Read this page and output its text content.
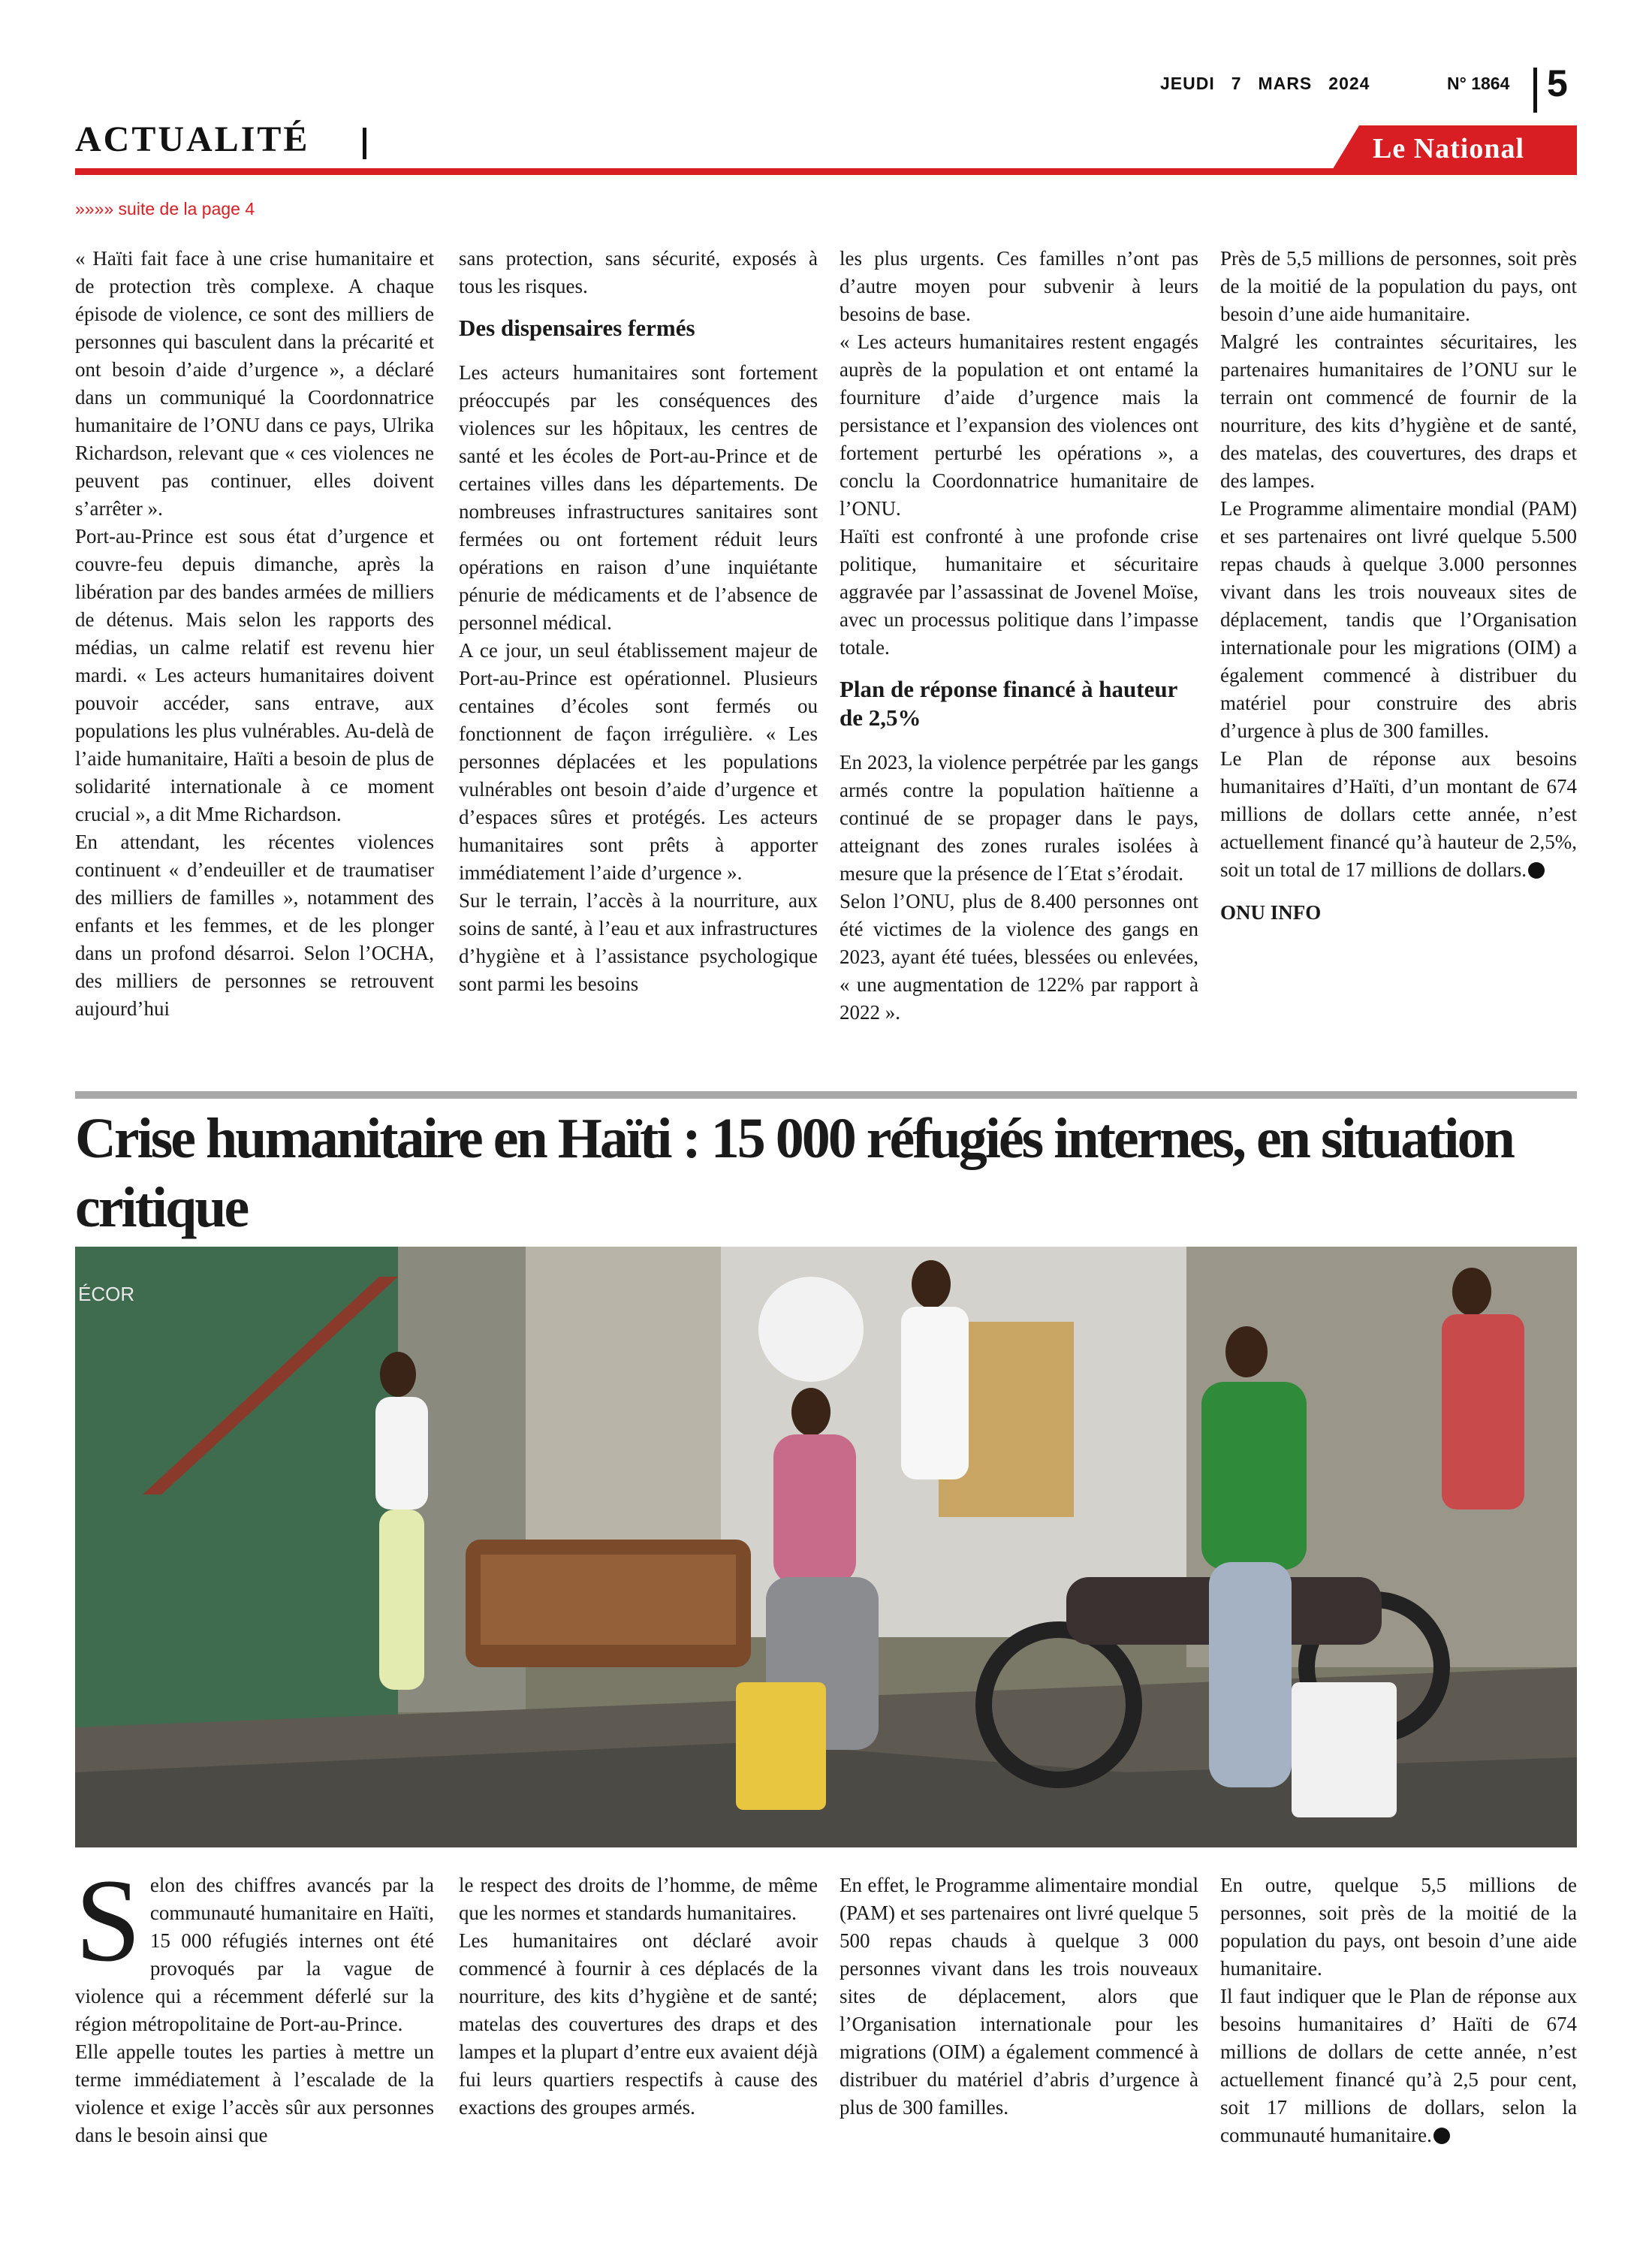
JEUDI 7 MARS 2024	N° 1864 5
ACTUALITÉ	Le National
»»»» suite de la page 4

« Haïti fait face à une crise humanitaire et de protection très complexe. A chaque épisode de violence, ce sont des milliers de personnes qui basculent dans la précarité et ont besoin d’aide d’urgence », a déclaré dans un communiqué la Coordonnatrice humanitaire de l’ONU dans ce pays, Ulrika Richardson, relevant que « ces violences ne peuvent pas continuer, elles doivent s’arrêter ».

Port-au-Prince est sous état d’urgence et couvre-feu depuis dimanche, après la libération par des bandes armées de milliers de détenus. Mais selon les rapports des médias, un calme relatif est revenu hier mardi. « Les acteurs humanitaires doivent pouvoir accéder, sans entrave, aux populations les plus vulnérables. Au-delà de l’aide humanitaire, Haïti a besoin de plus de solidarité internationale à ce moment crucial », a dit Mme Richardson.

En attendant, les récentes violences continuent « d’endeuiller et de traumatiser des milliers de familles », notamment des enfants et les femmes, et de les plonger dans un profond désarroi. Selon l’OCHA, des milliers de personnes se retrouvent aujourd’hui

sans protection, sans sécurité, exposés à tous les risques.

Des dispensaires fermés

Les acteurs humanitaires sont fortement préoccupés par les conséquences des violences sur les hôpitaux, les centres de santé et les écoles de Port-au-Prince et de certaines villes dans les départements. De nombreuses infrastructures sanitaires sont fermées ou ont fortement réduit leurs opérations en raison d’une inquiétante pénurie de médicaments et de l’absence de personnel médical.

A ce jour, un seul établissement majeur de Port-au-Prince est opérationnel. Plusieurs centaines d’écoles sont fermés ou fonctionnent de façon irrégulière. « Les personnes déplacées et les populations vulnérables ont besoin d’aide d’urgence et d’espaces sûres et protégés. Les acteurs humanitaires sont prêts à apporter immédiatement l’aide d’urgence ».

Sur le terrain, l’accès à la nourriture, aux soins de santé, à l’eau et aux infrastructures d’hygiène et à l’assistance psychologique sont parmi les besoins

les plus urgents. Ces familles n’ont pas d’autre moyen pour subvenir à leurs besoins de base.

« Les acteurs humanitaires restent engagés auprès de la population et ont entamé la fourniture d’aide d’urgence mais la persistance et l’expansion des violences ont fortement perturbé les opérations », a conclu la Coordonnatrice humanitaire de l’ONU.

Haïti est confronté à une profonde crise politique, humanitaire et sécuritaire aggravée par l’assassinat de Jovenel Moïse, avec un processus politique dans l’impasse totale.

Plan de réponse financé à hauteur de 2,5%

En 2023, la violence perpétrée par les gangs armés contre la population haïtienne a continué de se propager dans le pays, atteignant des zones rurales isolées à mesure que la présence de l´Etat s’érodait.

Selon l’ONU, plus de 8.400 personnes ont été victimes de la violence des gangs en 2023, ayant été tuées, blessées ou enlevées, « une augmentation de 122% par rapport à 2022 ».

Près de 5,5 millions de personnes, soit près de la moitié de la population du pays, ont besoin d’une aide humanitaire.

Malgré les contraintes sécuritaires, les partenaires humanitaires de l’ONU sur le terrain ont commencé de fournir de la nourriture, des kits d’hygiène et de santé, des matelas, des couvertures, des draps et des lampes.

Le Programme alimentaire mondial (PAM) et ses partenaires ont livré quelque 5.500 repas chauds à quelque 3.000 personnes vivant dans les trois nouveaux sites de déplacement, tandis que l’Organisation internationale pour les migrations (OIM) a également commencé à distribuer du matériel pour construire des abris d’urgence à plus de 300 familles.

Le Plan de réponse aux besoins humanitaires d’Haïti, d’un montant de 674 millions de dollars cette année, n’est actuellement financé qu’à hauteur de 2,5%, soit un total de 17 millions de dollars.

ONU INFO

Crise humanitaire en Haïti : 15 000 réfugiés internes, en situation critique
ÉCOR

Selon des chiffres avancés par la communauté humanitaire en Haïti, 15 000 réfugiés internes ont été provoqués par la vague de violence qui a récemment déferlé sur la région métropolitaine de Port-au-Prince.

Elle appelle toutes les parties à mettre un terme immédiatement à l’escalade de la violence et exige l’accès sûr aux personnes dans le besoin ainsi que

le respect des droits de l’homme, de même que les normes et standards humanitaires.

Les humanitaires ont déclaré avoir commencé à fournir à ces déplacés de la nourriture, des kits d’hygiène et de santé; matelas des couvertures des draps et des lampes et la plupart d’entre eux avaient déjà fui leurs quartiers respectifs à cause des exactions des groupes armés.

En effet, le Programme alimentaire mondial (PAM) et ses partenaires ont livré quelque 5 500 repas chauds à quelque 3 000 personnes vivant dans les trois nouveaux sites de déplacement, alors que l’Organisation internationale pour les migrations (OIM) a également commencé à distribuer du matériel d’abris d’urgence à plus de 300 familles.

En outre, quelque 5,5 millions de personnes, soit près de la moitié de la population du pays, ont besoin d’une aide humanitaire.

Il faut indiquer que le Plan de réponse aux besoins humanitaires d’ Haïti de 674 millions de dollars de cette année, n’est actuellement financé qu’à 2,5 pour cent, soit 17 millions de dollars, selon la communauté humanitaire.
